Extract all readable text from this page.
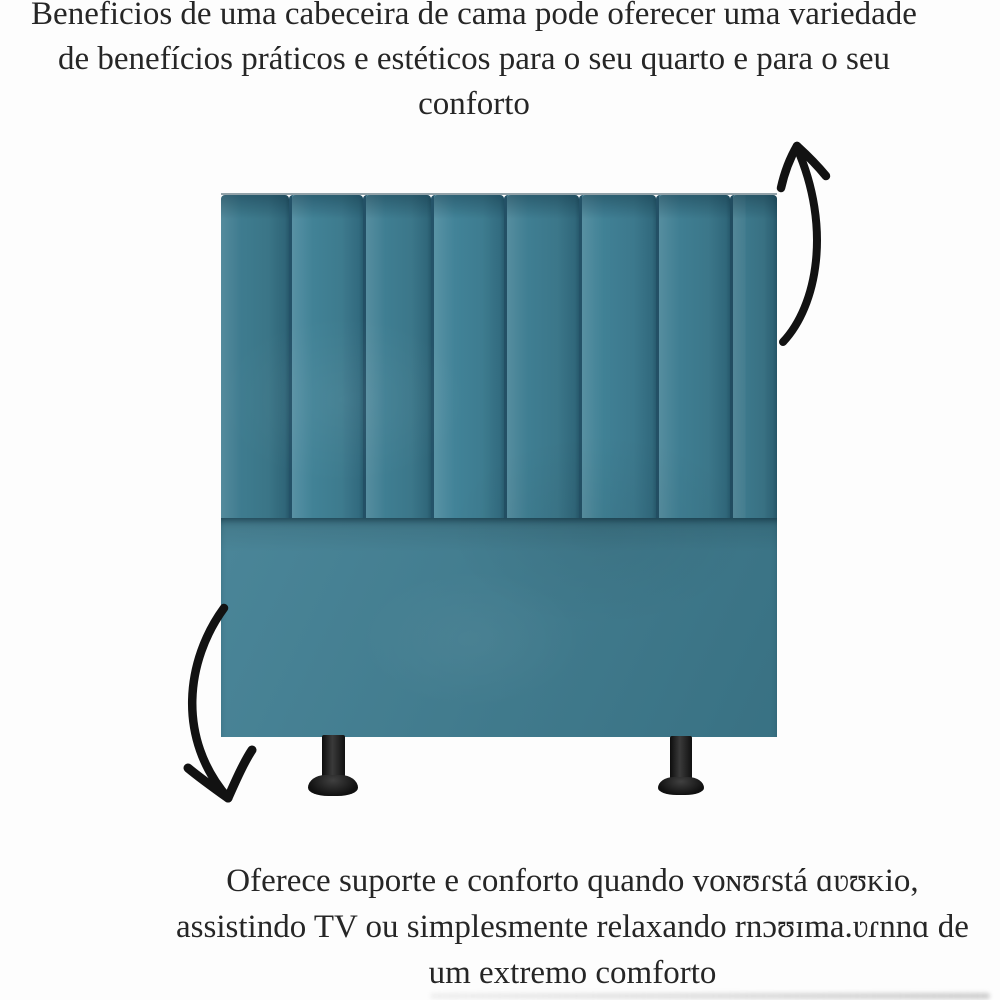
Beneficios de uma cabeceira de cama pode oferecer uma variedade
de benefícios práticos e estéticos para o seu quarto e para o seu
conforto
Oferece suporte e conforto quando voɴʊɾstá ɑʋʊᴋio,
assistindo TV ou simplesmente relaxando rnɔʊɪma.ʋɾnnɑ de
um extremo comforto
